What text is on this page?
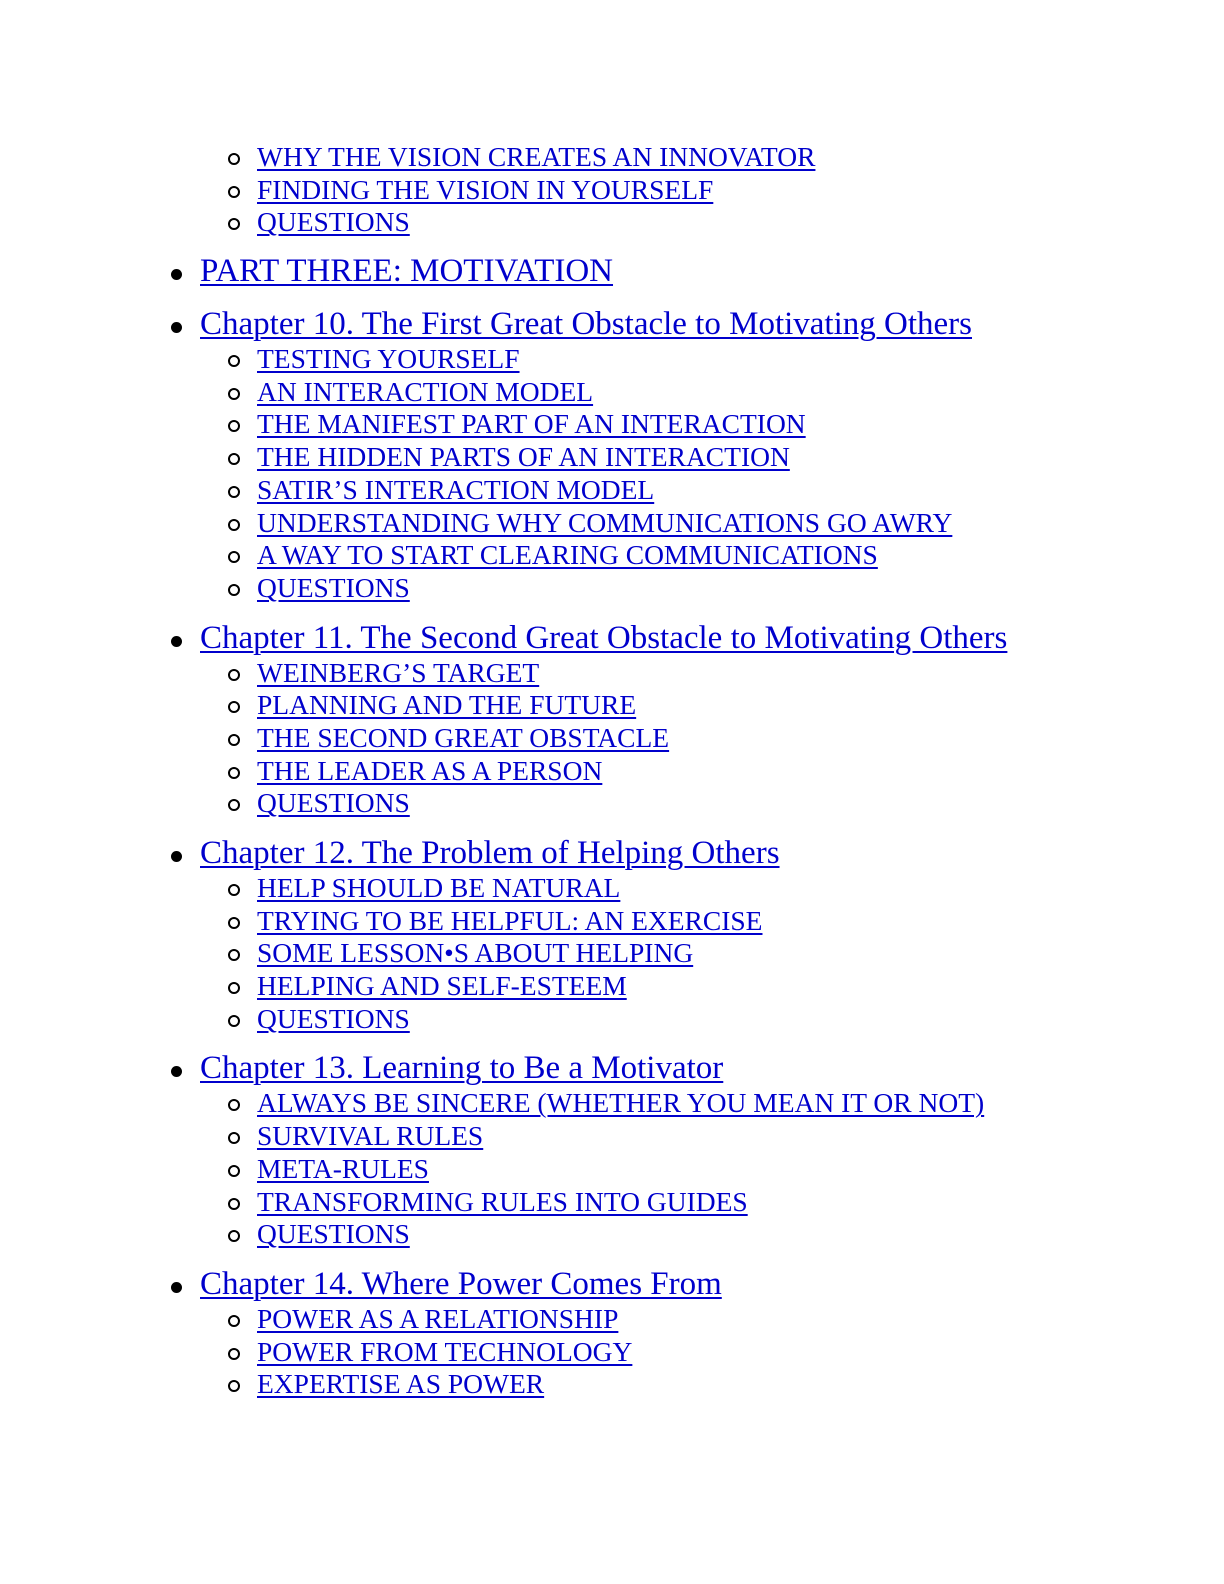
WHY THE VISION CREATES AN INNOVATOR
FINDING THE VISION IN YOURSELF
QUESTIONS
PART THREE: MOTIVATION
Chapter 10. The First Great Obstacle to Motivating Others
TESTING YOURSELF
AN INTERACTION MODEL
THE MANIFEST PART OF AN INTERACTION
THE HIDDEN PARTS OF AN INTERACTION
SATIR’S INTERACTION MODEL
UNDERSTANDING WHY COMMUNICATIONS GO AWRY
A WAY TO START CLEARING COMMUNICATIONS
QUESTIONS
Chapter 11. The Second Great Obstacle to Motivating Others
WEINBERG’S TARGET
PLANNING AND THE FUTURE
THE SECOND GREAT OBSTACLE
THE LEADER AS A PERSON
QUESTIONS
Chapter 12. The Problem of Helping Others
HELP SHOULD BE NATURAL
TRYING TO BE HELPFUL: AN EXERCISE
SOME LESSON•S ABOUT HELPING
HELPING AND SELF-ESTEEM
QUESTIONS
Chapter 13. Learning to Be a Motivator
ALWAYS BE SINCERE (WHETHER YOU MEAN IT OR NOT)
SURVIVAL RULES
META-RULES
TRANSFORMING RULES INTO GUIDES
QUESTIONS
Chapter 14. Where Power Comes From
POWER AS A RELATIONSHIP
POWER FROM TECHNOLOGY
EXPERTISE AS POWER
